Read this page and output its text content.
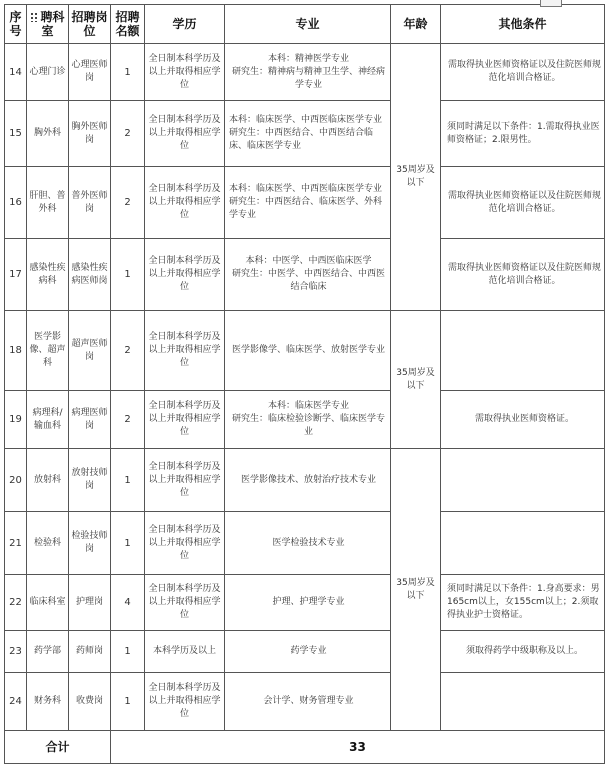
序号	聘科室	招聘岗位	招聘名额	学历	专业	年龄	其他条件
14	心理门诊	心理医师岗	1	全日制本科学历及以上并取得相应学位	本科：精神医学专业
研究生：精神病与精神卫生学、神经病学专业	35周岁及以下	需取得执业医师资格证以及住院医师规范化培训合格证。
15	胸外科	胸外医师岗	2	全日制本科学历及以上并取得相应学位	本科：临床医学、中西医临床医学专业
研究生：中西医结合、中西医结合临床、临床医学专业		须同时满足以下条件：1.需取得执业医师资格证；2.限男性。
16	肝胆、普外科	普外医师岗	2	全日制本科学历及以上并取得相应学位	本科：临床医学、中西医临床医学专业
研究生：中西医结合、临床医学、外科学专业		需取得执业医师资格证以及住院医师规范化培训合格证。
17	感染性疾病科	感染性疾病医师岗	1	全日制本科学历及以上并取得相应学位	本科：中医学、中西医临床医学
研究生：中医学、中西医结合、中西医结合临床		需取得执业医师资格证以及住院医师规范化培训合格证。
18	医学影像、超声科	超声医师岗	2	全日制本科学历及以上并取得相应学位	医学影像学、临床医学、放射医学专业	35周岁及以下	
19	病理科/输血科	病理医师岗	2	全日制本科学历及以上并取得相应学位	本科：临床医学专业
研究生：临床检验诊断学、临床医学专业		需取得执业医师资格证。
20	放射科	放射技师岗	1	全日制本科学历及以上并取得相应学位	医学影像技术、放射治疗技术专业	35周岁及以下	
21	检验科	检验技师岗	1	全日制本科学历及以上并取得相应学位	医学检验技术专业		

22	临床科室	护理岗	4	全日制本科学历及以上并取得相应学位	护理、护理学专业		须同时满足以下条件：1.身高要求：男165cm以上，女155cm以上；2.须取得执业护士资格证。
23	药学部	药师岗	1	本科学历及以上	药学专业		须取得药学中级职称及以上。
24	财务科	收费岗	1	全日制本科学历及以上并取得相应学位	会计学、财务管理专业		

合计			33				
